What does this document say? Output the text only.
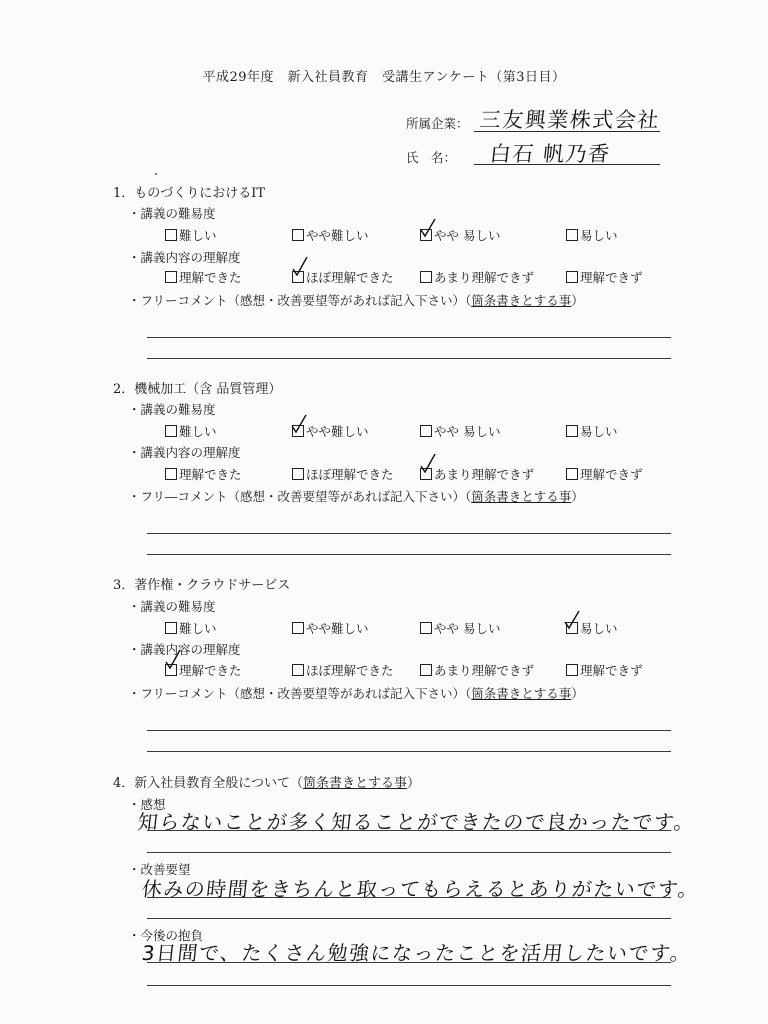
平成29年度　新入社員教育　受講生アンケート（第3日目）
所属企業： 三友興業株式会社
氏　名： 白石 帆乃香
1．ものづくりにおけるIT
・講義の難易度
難しい	やや難しい	やや 易しい	易しい
・講義内容の理解度
理解できた	ほぼ理解できた	あまり理解できず	理解できず
・フリーコメント（感想・改善要望等があれば記入下さい）（箇条書きとする事）
2．機械加工（含 品質管理）
・講義の難易度
難しい	やや難しい	やや 易しい	易しい
・講義内容の理解度
理解できた	ほぼ理解できた	あまり理解できず	理解できず
・フリ―コメント（感想・改善要望等があれば記入下さい）（箇条書きとする事）
3．著作権・クラウドサービス
・講義の難易度
難しい	やや難しい	やや 易しい	易しい
・講義内容の理解度
理解できた	ほぼ理解できた	あまり理解できず	理解できず
・フリーコメント（感想・改善要望等があれば記入下さい）（箇条書きとする事）
4．新入社員教育全般について（箇条書きとする事）
・感想
知らないことが多く知ることができたので良かったです。
・改善要望
休みの時間をきちんと取ってもらえるとありがたいです。
・今後の抱負
3日間で、たくさん勉強になったことを活用したいです。
